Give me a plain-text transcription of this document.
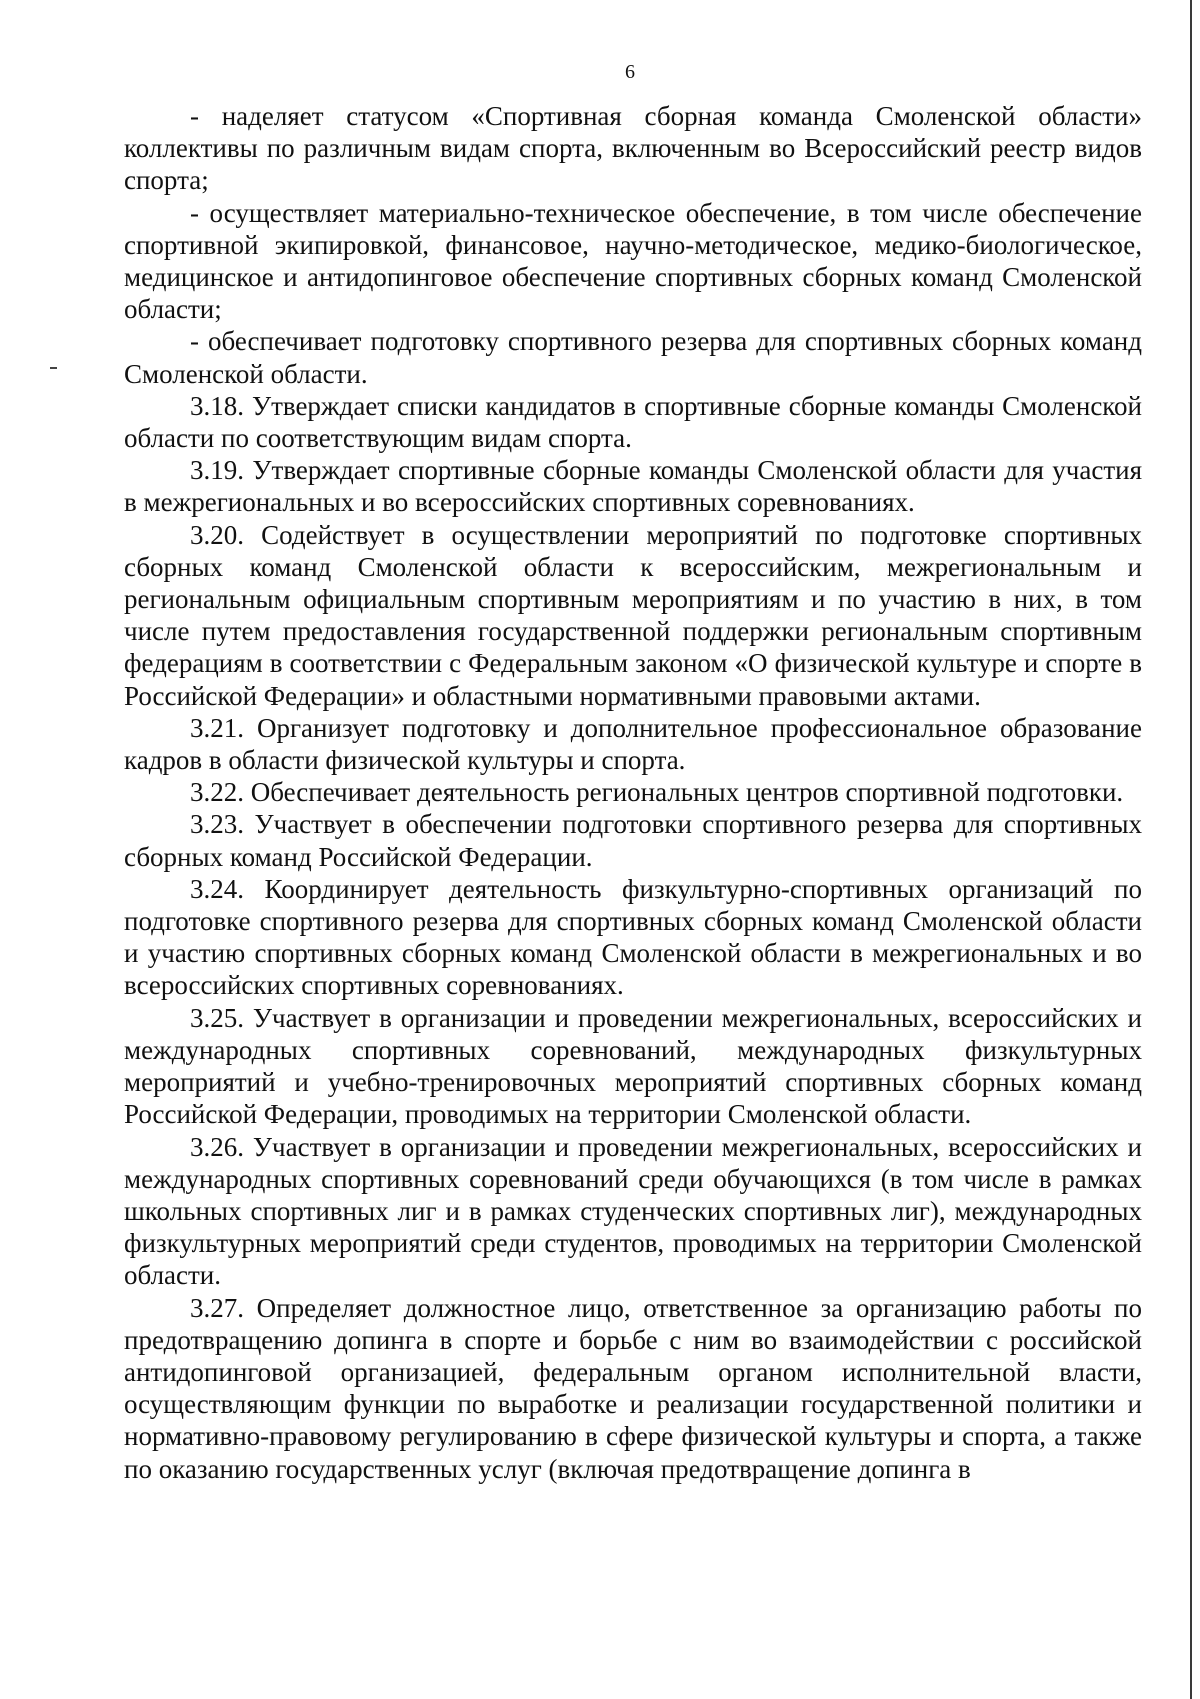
6

- наделяет статусом «Спортивная сборная команда Смоленской области» коллективы по различным видам спорта, включенным во Всероссийский реестр видов спорта;

- осуществляет материально-техническое обеспечение, в том числе обеспечение спортивной экипировкой, финансовое, научно-методическое, медико-биологическое, медицинское и антидопинговое обеспечение спортивных сборных команд Смоленской области;

- обеспечивает подготовку спортивного резерва для спортивных сборных команд Смоленской области.

3.18. Утверждает списки кандидатов в спортивные сборные команды Смоленской области по соответствующим видам спорта.

3.19. Утверждает спортивные сборные команды Смоленской области для участия в межрегиональных и во всероссийских спортивных соревнованиях.

3.20. Содействует в осуществлении мероприятий по подготовке спортивных сборных команд Смоленской области к всероссийским, межрегиональным и региональным официальным спортивным мероприятиям и по участию в них, в том числе путем предоставления государственной поддержки региональным спортивным федерациям в соответствии с Федеральным законом «О физической культуре и спорте в Российской Федерации» и областными нормативными правовыми актами.

3.21. Организует подготовку и дополнительное профессиональное образование кадров в области физической культуры и спорта.

3.22. Обеспечивает деятельность региональных центров спортивной подготовки.

3.23. Участвует в обеспечении подготовки спортивного резерва для спортивных сборных команд Российской Федерации.

3.24. Координирует деятельность физкультурно-спортивных организаций по подготовке спортивного резерва для спортивных сборных команд Смоленской области и участию спортивных сборных команд Смоленской области в межрегиональных и во всероссийских спортивных соревнованиях.

3.25. Участвует в организации и проведении межрегиональных, всероссийских и международных спортивных соревнований, международных физкультурных мероприятий и учебно-тренировочных мероприятий спортивных сборных команд Российской Федерации, проводимых на территории Смоленской области.

3.26. Участвует в организации и проведении межрегиональных, всероссийских и международных спортивных соревнований среди обучающихся (в том числе в рамках школьных спортивных лиг и в рамках студенческих спортивных лиг), международных физкультурных мероприятий среди студентов, проводимых на территории Смоленской области.

3.27. Определяет должностное лицо, ответственное за организацию работы по предотвращению допинга в спорте и борьбе с ним во взаимодействии с российской антидопинговой организацией, федеральным органом исполнительной власти, осуществляющим функции по выработке и реализации государственной политики и нормативно-правовому регулированию в сфере физической культуры и спорта, а также по оказанию государственных услуг (включая предотвращение допинга в
